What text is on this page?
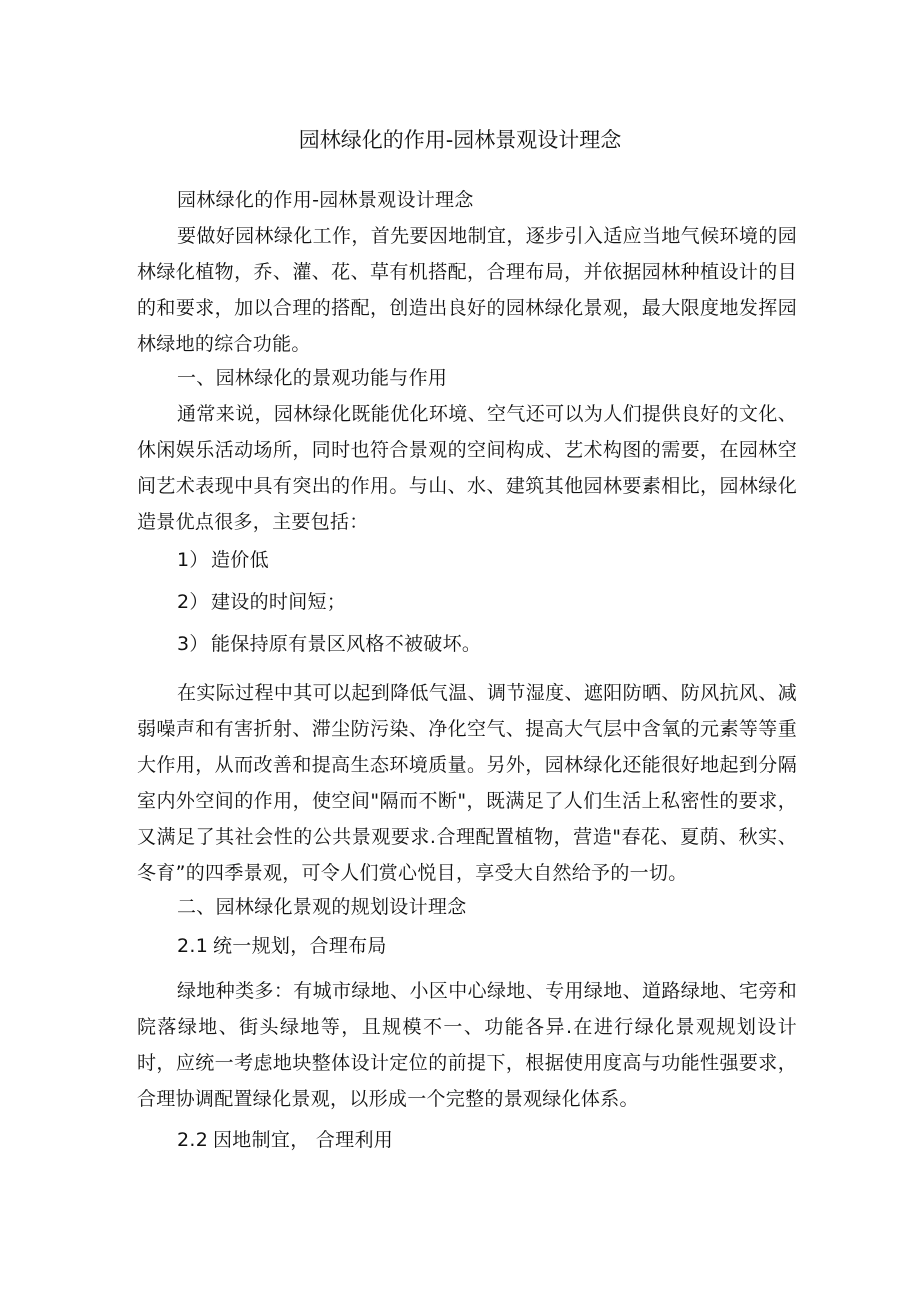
园林绿化的作用-园林景观设计理念

园林绿化的作用-园林景观设计理念

要做好园林绿化工作，首先要因地制宜，逐步引入适应当地气候环境的园林绿化植物，乔、灌、花、草有机搭配，合理布局，并依据园林种植设计的目的和要求，加以合理的搭配，创造出良好的园林绿化景观，最大限度地发挥园林绿地的综合功能。

一、园林绿化的景观功能与作用

通常来说，园林绿化既能优化环境、空气还可以为人们提供良好的文化、休闲娱乐活动场所，同时也符合景观的空间构成、艺术构图的需要，在园林空间艺术表现中具有突出的作用。与山、水、建筑其他园林要素相比，园林绿化造景优点很多，主要包括：

1） 造价低

2） 建设的时间短；

3） 能保持原有景区风格不被破坏。

在实际过程中其可以起到降低气温、调节湿度、遮阳防晒、防风抗风、减弱噪声和有害折射、滞尘防污染、净化空气、提高大气层中含氧的元素等等重大作用，从而改善和提高生态环境质量。另外，园林绿化还能很好地起到分隔室内外空间的作用，使空间"隔而不断"，既满足了人们生活上私密性的要求，又满足了其社会性的公共景观要求.合理配置植物，营造"春花、夏荫、秋实、冬育”的四季景观，可令人们赏心悦目，享受大自然给予的一切。

二、园林绿化景观的规划设计理念

2.1 统一规划，合理布局

绿地种类多：有城市绿地、小区中心绿地、专用绿地、道路绿地、宅旁和院落绿地、街头绿地等，且规模不一、功能各异.在进行绿化景观规划设计时，应统一考虑地块整体设计定位的前提下，根据使用度高与功能性强要求，合理协调配置绿化景观，以形成一个完整的景观绿化体系。

2.2 因地制宜， 合理利用
